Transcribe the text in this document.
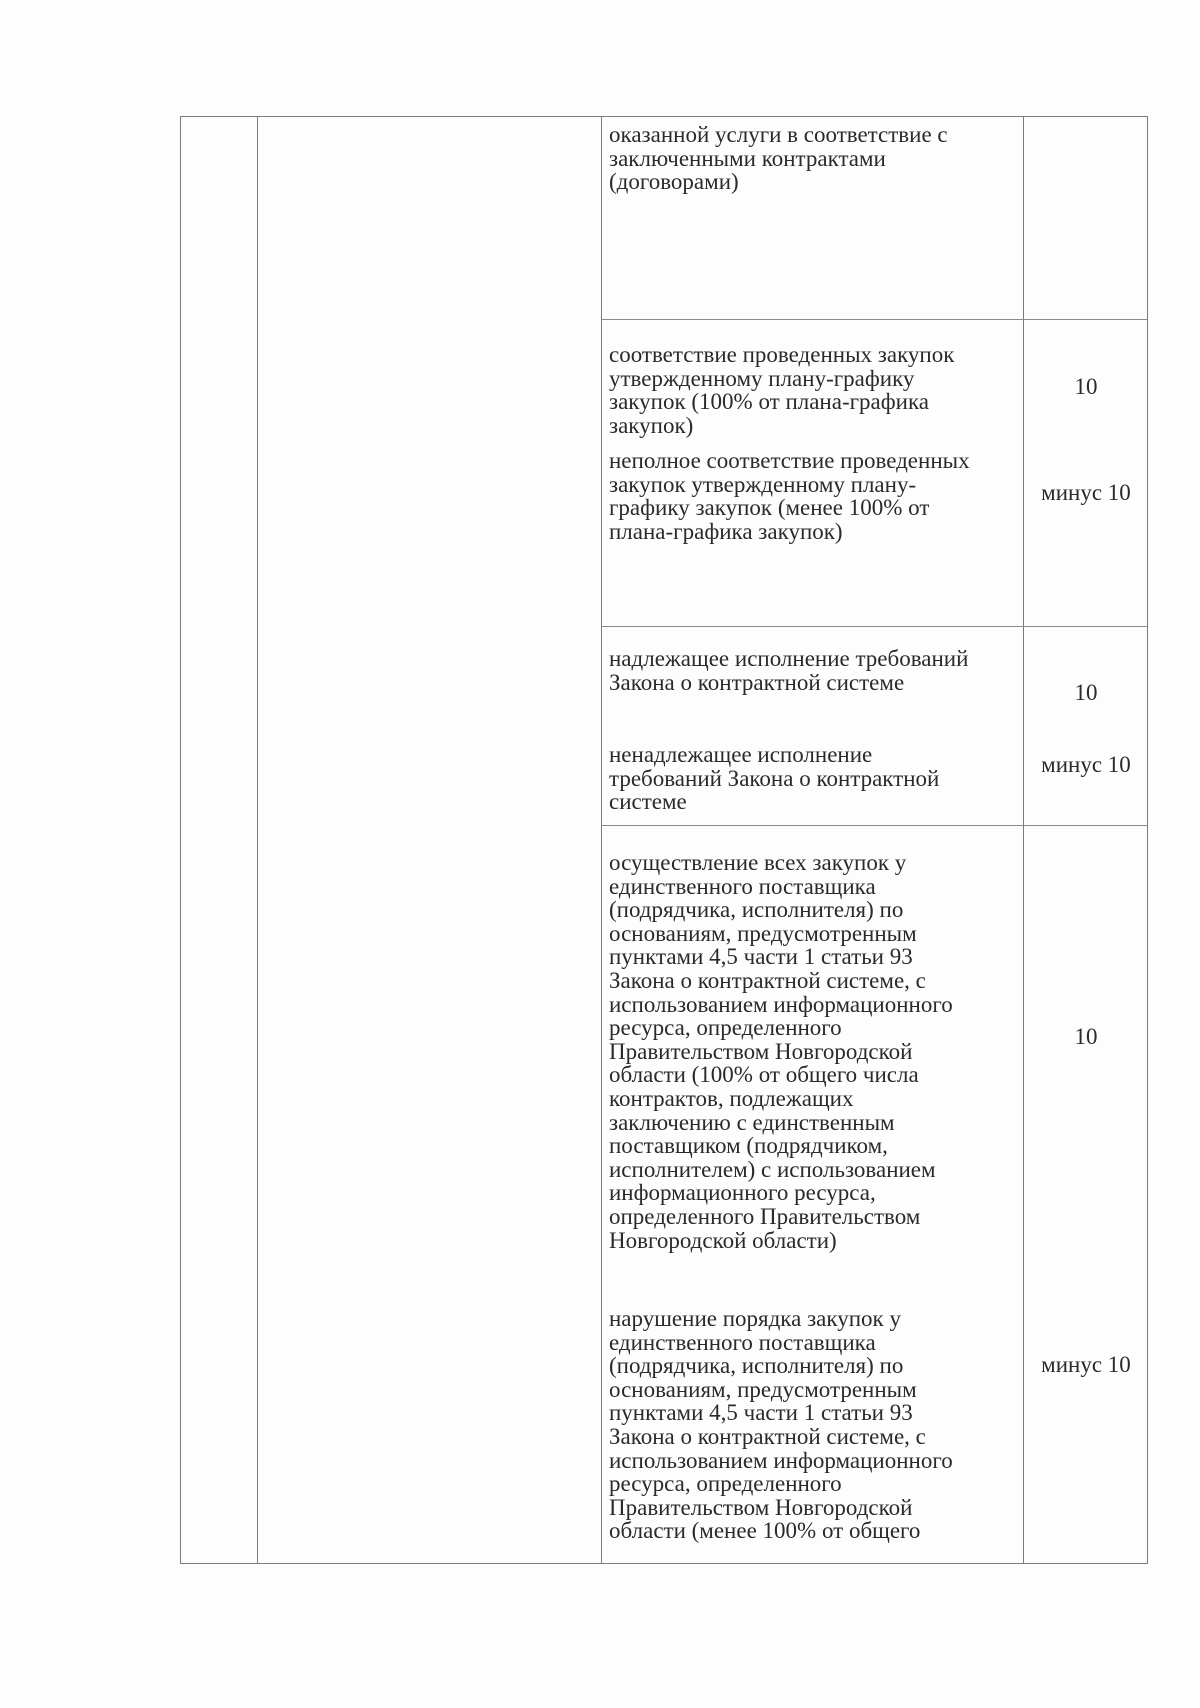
оказанной услуги в соответствие с
заключенными контрактами
(договорами)
соответствие проведенных закупок
утвержденному плану-графику
закупок (100% от плана-графика
закупок)
10
неполное соответствие проведенных
закупок утвержденному плану-
графику закупок (менее 100% от
плана-графика закупок)
минус 10
надлежащее исполнение требований
Закона о контрактной системе	10
ненадлежащее исполнение
требований Закона о контрактной
системе
минус 10
осуществление всех закупок у
единственного поставщика
(подрядчика, исполнителя) по
основаниям, предусмотренным
пунктами 4,5 части 1 статьи 93
Закона о контрактной системе, с
использованием информационного
ресурса, определенного
Правительством Новгородской
области (100% от общего числа
контрактов, подлежащих
заключению с единственным
поставщиком (подрядчиком,
исполнителем) с использованием
информационного ресурса,
определенного Правительством
Новгородской области)
10
нарушение порядка закупок у
единственного поставщика
(подрядчика, исполнителя) по
основаниям, предусмотренным
пунктами 4,5 части 1 статьи 93
Закона о контрактной системе, с
использованием информационного
ресурса, определенного
Правительством Новгородской
области (менее 100% от общего
минус 10
